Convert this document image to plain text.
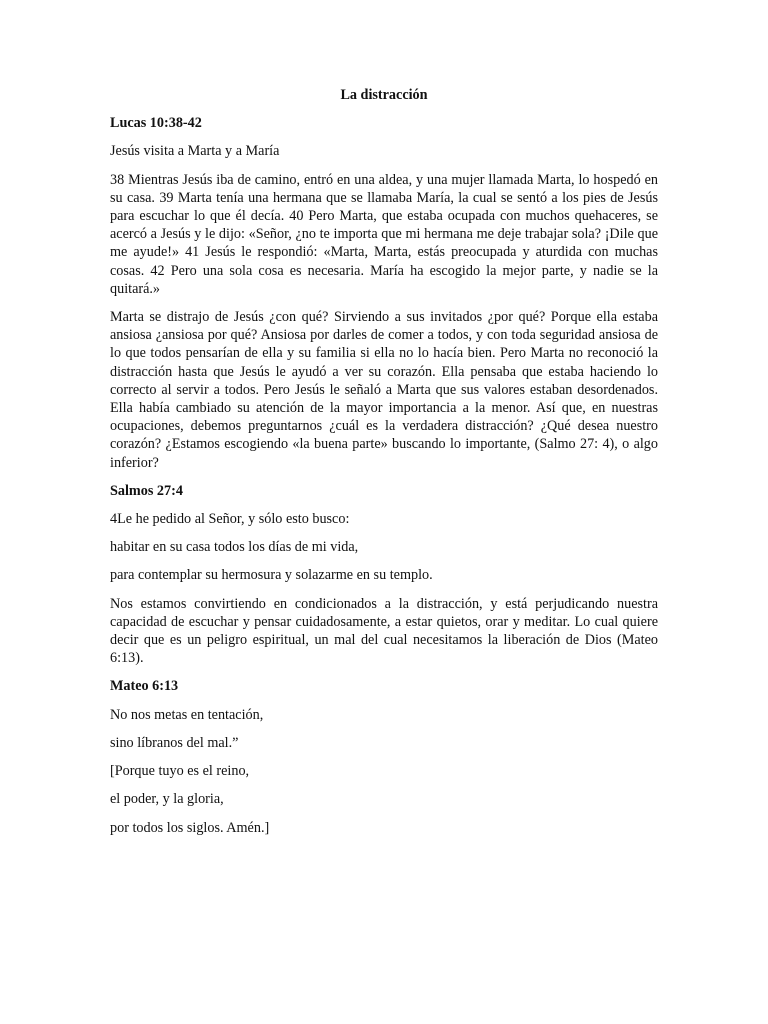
La distracción
Lucas 10:38-42
Jesús visita a Marta y a María
38 Mientras Jesús iba de camino, entró en una aldea, y una mujer llamada Marta, lo hospedó en su casa. 39 Marta tenía una hermana que se llamaba María, la cual se sentó a los pies de Jesús para escuchar lo que él decía. 40 Pero Marta, que estaba ocupada con muchos quehaceres, se acercó a Jesús y le dijo: «Señor, ¿no te importa que mi hermana me deje trabajar sola? ¡Dile que me ayude!» 41 Jesús le respondió: «Marta, Marta, estás preocupada y aturdida con muchas cosas. 42 Pero una sola cosa es necesaria. María ha escogido la mejor parte, y nadie se la quitará.»
Marta se distrajo de Jesús ¿con qué? Sirviendo a sus invitados ¿por qué? Porque ella estaba ansiosa ¿ansiosa por qué? Ansiosa por darles de comer a todos, y con toda seguridad ansiosa de lo que todos pensarían de ella y su familia si ella no lo hacía bien. Pero Marta no reconoció la distracción hasta que Jesús le ayudó a ver su corazón. Ella pensaba que estaba haciendo lo correcto al servir a todos. Pero Jesús le señaló a Marta que sus valores estaban desordenados. Ella había cambiado su atención de la mayor importancia a la menor. Así que, en nuestras ocupaciones, debemos preguntarnos ¿cuál es la verdadera distracción? ¿Qué desea nuestro corazón? ¿Estamos escogiendo «la buena parte» buscando lo importante, (Salmo 27: 4), o algo inferior?
Salmos 27:4
4Le he pedido al Señor, y sólo esto busco:
habitar en su casa todos los días de mi vida,
para contemplar su hermosura y solazarme en su templo.
Nos estamos convirtiendo en condicionados a la distracción, y está perjudicando nuestra capacidad de escuchar y pensar cuidadosamente, a estar quietos, orar y meditar. Lo cual quiere decir que es un peligro espiritual, un mal del cual necesitamos la liberación de Dios (Mateo 6:13).
Mateo 6:13
No nos metas en tentación,
sino líbranos del mal.”
[Porque tuyo es el reino,
el poder, y la gloria,
por todos los siglos. Amén.]
